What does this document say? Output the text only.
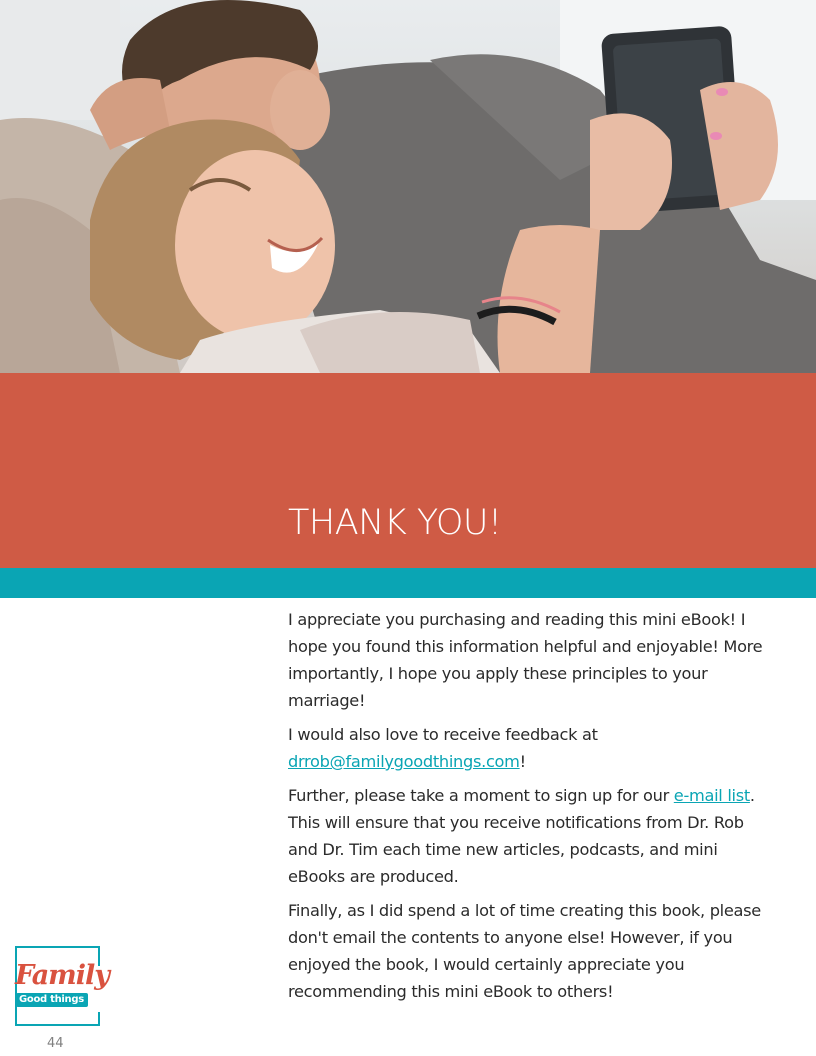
THANK YOU!

I appreciate you purchasing and reading this mini eBook! I hope you found this information helpful and enjoyable! More importantly, I hope you apply these principles to your marriage!

I would also love to receive feedback at
drrob@familygoodthings.com!

Further, please take a moment to sign up for our e-mail list. This will ensure that you receive notifications from Dr. Rob and Dr. Tim each time new articles, podcasts, and mini eBooks are produced.

Finally, as I did spend a lot of time creating this book, please don't email the contents to anyone else! However, if you enjoyed the book, I would certainly appreciate you recommending this mini eBook to others!

Family
Good things
44
